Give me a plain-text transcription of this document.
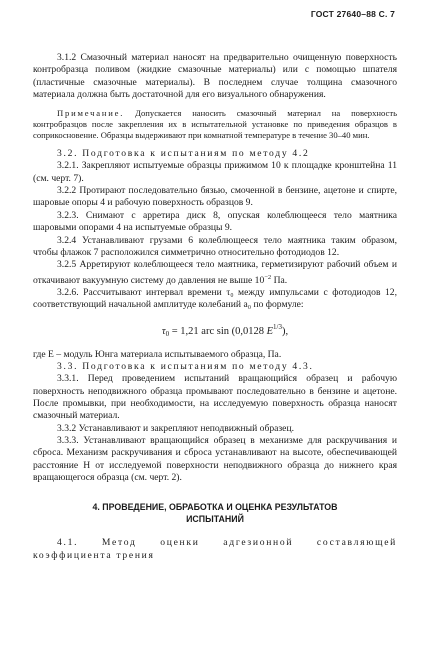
ГОСТ 27640–88 С. 7

3.1.2 Смазочный материал наносят на предварительно очищенную поверхность контробразца поливом (жидкие смазочные материалы) или с помощью шпателя (пластичные смазочные материалы). В последнем случае толщина смазочного материала должна быть достаточной для его визуального обнаружения.

Примечание. Допускается наносить смазочный материал на поверхность контробразцов после закрепления их в испытательной установке по приведения образцов в соприкосновение. Образцы выдерживают при комнатной температуре в течение 30–40 мин.

3.2. Подготовка к испытаниям по методу 4.2

3.2.1. Закрепляют испытуемые образцы прижимом 10 к площадке кронштейна 11 (см. черт. 7).

3.2.2 Протирают последовательно бязью, смоченной в бензине, ацетоне и спирте, шаровые опоры 4 и рабочую поверхность образцов 9.

3.2.3. Снимают с арретира диск 8, опуская колеблющееся тело маятника шаровыми опорами 4 на испытуемые образцы 9.

3.2.4 Устанавливают грузами 6 колеблющееся тело маятника таким образом, чтобы флажок 7 расположился симметрично относительно фотодиодов 12.

3.2.5 Арретируют колеблющееся тело маятника, герметизируют рабочий объем и откачивают вакуумную систему до давления не выше $10^{-2}$ Па.

3.2.6. Рассчитывают интервал времени τ₀ между импульсами с фотодиодов 12, соответствующий начальной амплитуде колебаний a₀ по формуле:

$\tau_0 = 1,21$ arc sin (0,0128 $E^{1/3}$),

где E – модуль Юнга материала испытываемого образца, Па.

3.3. Подготовка к испытаниям по методу 4.3.

3.3.1. Перед проведением испытаний вращающийся образец и рабочую поверхность неподвижного образца промывают последовательно в бензине и ацетоне. После промывки, при необходимости, на исследуемую поверхность образца наносят смазочный материал.

3.3.2 Устанавливают и закрепляют неподвижный образец.

3.3.3. Устанавливают вращающийся образец в механизме для раскручивания и сброса. Механизм раскручивания и сброса устанавливают на высоте, обеспечивающей расстояние H от исследуемой поверхности неподвижного образца до нижнего края вращающегося образца (см. черт. 2).

4. ПРОВЕДЕНИЕ, ОБРАБОТКА И ОЦЕНКА РЕЗУЛЬТАТОВ
ИСПЫТАНИЙ

4.1. Метод оценки адгезионной составляющей коэффициента трения
